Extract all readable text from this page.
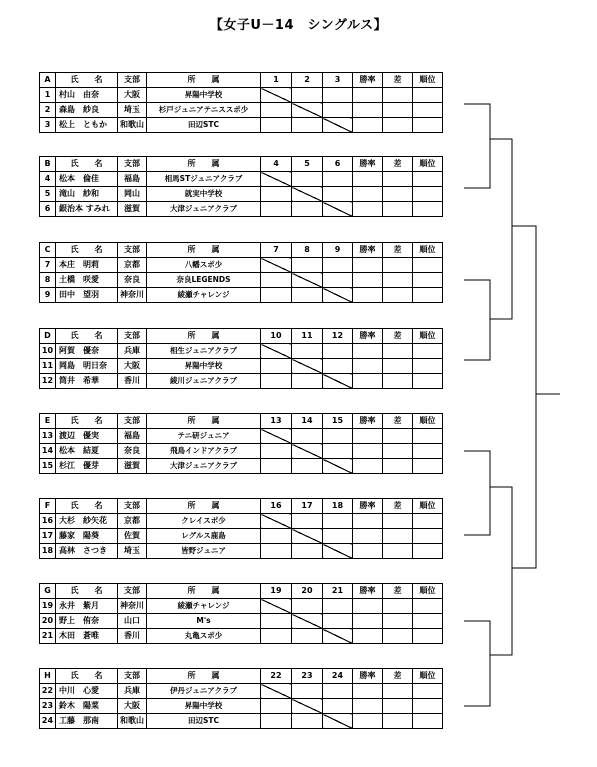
【女子U－14　シングルス】
A	氏　　名	支部	所　　属	1	2	3	勝率	差	順位
1	村山　由奈	大阪	昇陽中学校						
2	森島　紗良	埼玉	杉戸ジュニアテニススポ少						
3	松上　ともか	和歌山	田辺STC						
B	氏　　名	支部	所　　属	4	5	6	勝率	差	順位
4	松本　倫佳	福島	相馬STジュニアクラブ						
5	滝山　紗和	岡山	就実中学校						
6	銀治本 すみれ	滋賀	大津ジュニアクラブ						
C	氏　　名	支部	所　　属	7	8	9	勝率	差	順位
7	本庄　明莉	京都	八幡スポ少						
8	土橋　咲愛	奈良	奈良LEGENDS						
9	田中　望羽	神奈川	綾瀬チャレンジ						
D	氏　　名	支部	所　　属	10	11	12	勝率	差	順位
10	阿賀　優奈	兵庫	相生ジュニアクラブ						
11	岡島　明日奈	大阪	昇陽中学校						
12	筒井　希華	香川	綾川ジュニアクラブ						
E	氏　　名	支部	所　　属	13	14	15	勝率	差	順位
13	渡辺　優実	福島	テニ研ジュニア						
14	松本　結夏	奈良	飛鳥インドアクラブ						
15	杉江　優芽	滋賀	大津ジュニアクラブ						
F	氏　　名	支部	所　　属	16	17	18	勝率	差	順位
16	大杉　紗矢花	京都	クレイスポ少						
17	藤家　陽葵	佐賀	レグルス鹿島						
18	高林　さつき	埼玉	皆野ジュニア						
G	氏　　名	支部	所　　属	19	20	21	勝率	差	順位
19	永井　紫月	神奈川	綾瀬チャレンジ						
20	野上　侑奈	山口	M's						
21	木田　蒼唯	香川	丸亀スポ少						
H	氏　　名	支部	所　　属	22	23	24	勝率	差	順位
22	中川　心愛	兵庫	伊丹ジュニアクラブ						
23	鈴木　陽菜	大阪	昇陽中学校						
24	工藤　那南	和歌山	田辺STC						
